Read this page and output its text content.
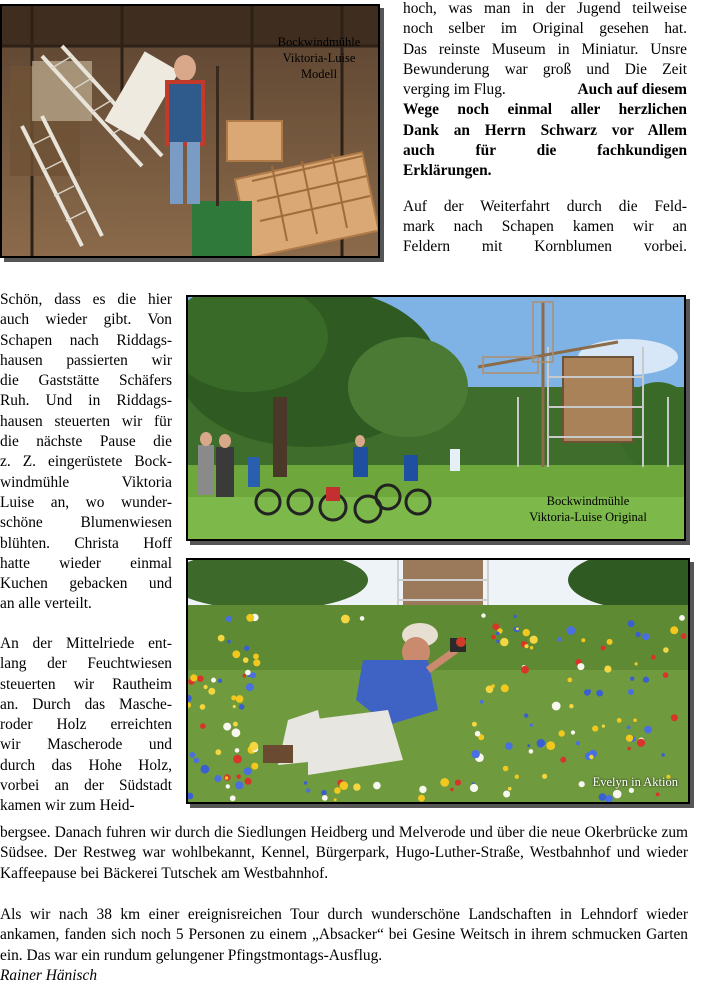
Bockwindmühle
Viktoria-Luise
Modell

hoch, was man in der Jugend teilweise
noch selber im Original gesehen hat.
Das reinste Museum in Miniatur. Unsre
Bewunderung war groß und Die Zeit
verging im Flug.	Auch auf diesem
Wege noch einmal aller herzlichen
Dank an Herrn Schwarz vor Allem
auch für die fachkundigen
Erklärungen.

Auf der Weiterfahrt durch die Feld-
mark nach Schapen kamen wir an
Feldern mit Kornblumen vorbei.

Schön, dass es die hier
auch wieder gibt. Von
Schapen nach Riddags-
hausen passierten wir
die Gaststätte Schäfers
Ruh. Und in Riddags-
hausen steuerten wir für
die nächste Pause die
z. Z. eingerüstete Bock-
windmühle Viktoria
Luise an, wo wunder-
schöne Blumenwiesen
blühten. Christa Hoff
hatte wieder einmal
Kuchen gebacken und
an alle verteilt.
An der Mittelriede ent-
lang der Feuchtwiesen
steuerten wir Rautheim
an. Durch das Masche-
roder Holz erreichten
wir Mascherode und
durch das Hohe Holz,
vorbei an der Südstadt
kamen wir zum Heid-
Bockwindmühle
Viktoria-Luise Original
Evelyn in Aktion
bergsee. Danach fuhren wir durch die Siedlungen Heidberg und Melverode und über die neue Okerbrücke zum Südsee. Der Restweg war wohlbekannt, Kennel, Bürgerpark, Hugo-Luther-Straße, Westbahnhof und wieder Kaffeepause bei Bäckerei Tutschek am Westbahnhof.
Als wir nach 38 km einer ereignisreichen Tour durch wunderschöne Landschaften in Lehndorf wieder ankamen, fanden sich noch 5 Personen zu einem „Absacker“ bei Gesine Weitsch in ihrem schmucken Garten ein. Das war ein rundum gelungener Pfingstmontags-Ausflug.
Rainer Hänisch
